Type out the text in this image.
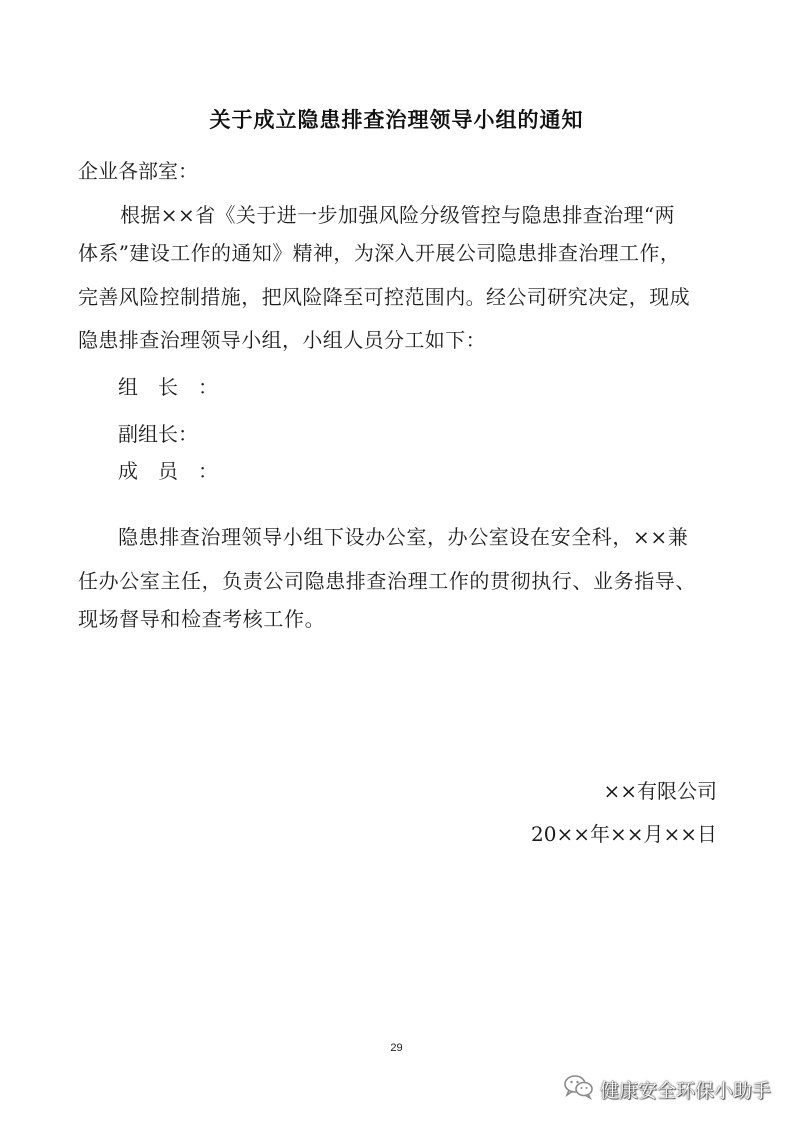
关于成立隐患排查治理领导小组的通知
企业各部室：
根据××省《关于进一步加强风险分级管控与隐患排查治理“两
体系”建设工作的通知》精神，为深入开展公司隐患排查治理工作，
完善风险控制措施，把风险降至可控范围内。经公司研究决定，现成
隐患排查治理领导小组，小组人员分工如下：
组长：
副组长：
成员：
隐患排查治理领导小组下设办公室，办公室设在安全科，××兼
任办公室主任，负责公司隐患排查治理工作的贯彻执行、业务指导、
现场督导和检查考核工作。
××有限公司
20××年××月××日
29
健康安全环保小助手
